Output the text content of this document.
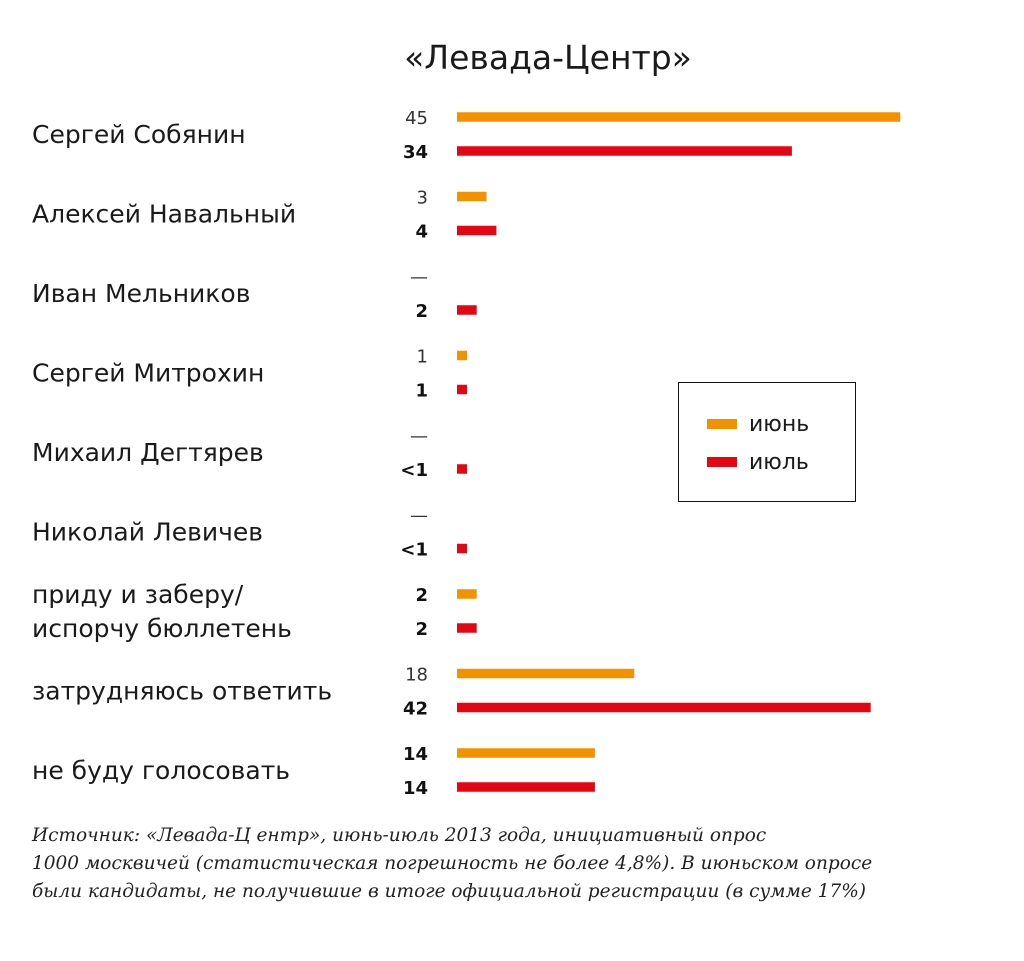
«Левада-Центр»
Сергей Собянин
45
34
Алексей Навальный
3
4
Иван Мельников
—
2
Сергей Митрохин
1
1
Михаил Дегтярев
—
<1
Николай Левичев
—
<1
приду и заберу/
испорчу бюллетень
2
2
затрудняюсь ответить
18
42
не буду голосовать
14
14
июнь
июль
Источник: «Левада-Ц ентр», июнь-июль 2013 года, инициативный опрос
1000 москвичей (статистическая погрешность не более 4,8%). В июньском опросе
были кандидаты, не получившие в итоге официальной регистрации (в сумме 17%)
